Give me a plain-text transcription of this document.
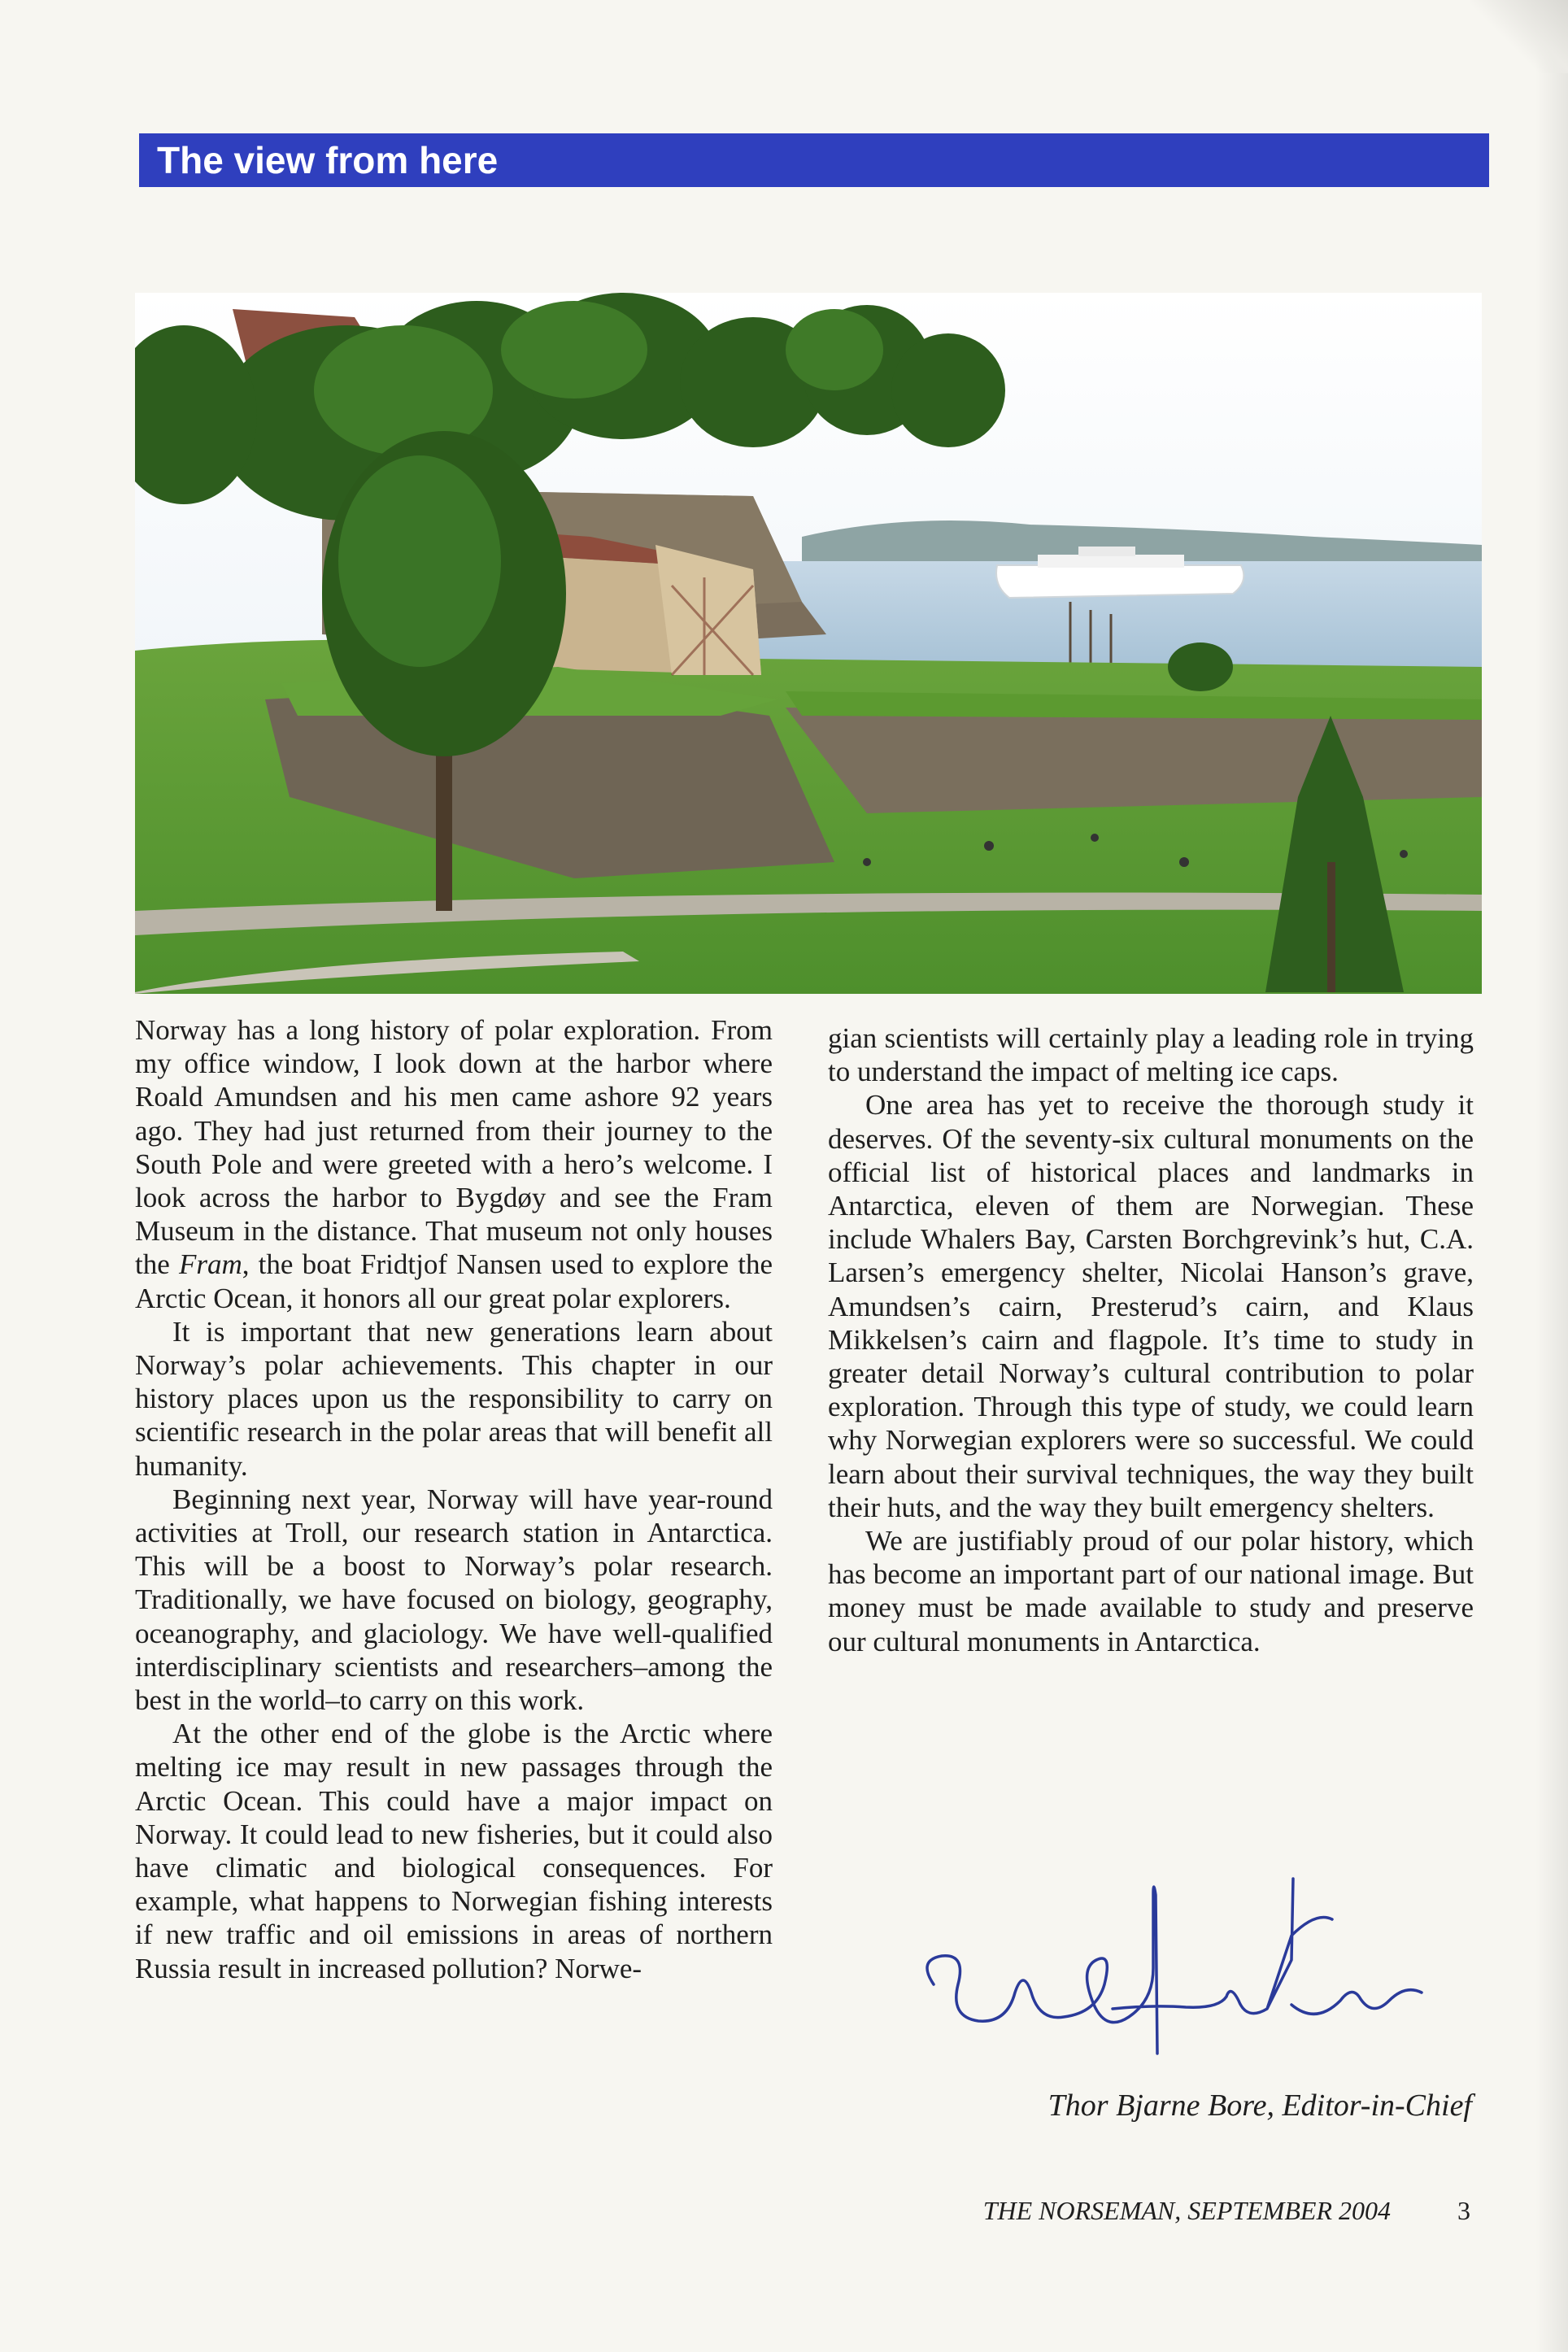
The view from here

Norway has a long history of polar exploration. From my office window, I look down at the harbor where Roald Amundsen and his men came ashore 92 years ago. They had just returned from their journey to the South Pole and were greeted with a hero’s welcome. I look across the harbor to Bygdøy and see the Fram Museum in the distance. That museum not only houses the Fram, the boat Fridtjof Nansen used to explore the Arctic Ocean, it honors all our great polar explorers.

It is important that new generations learn about Norway’s polar achievements. This chapter in our history places upon us the responsibility to carry on scientific research in the polar areas that will benefit all humanity.

Beginning next year, Norway will have year-round activities at Troll, our research station in Antarctica. This will be a boost to Norway’s polar research. Traditionally, we have focused on biology, geography, oceanography, and glaciology. We have well-qualified interdisciplinary scientists and researchers–among the best in the world–to carry on this work.

At the other end of the globe is the Arctic where melting ice may result in new passages through the Arctic Ocean. This could have a major impact on Norway. It could lead to new fisheries, but it could also have climatic and biological consequences. For example, what happens to Norwegian fishing interests if new traffic and oil emissions in areas of northern Russia result in increased pollution? Norwe-

gian scientists will certainly play a leading role in trying to understand the impact of melting ice caps.

One area has yet to receive the thorough study it deserves. Of the seventy-six cultural monuments on the official list of historical places and landmarks in Antarctica, eleven of them are Norwegian. These include Whalers Bay, Carsten Borchgrevink’s hut, C.A. Larsen’s emergency shelter, Nicolai Hanson’s grave, Amundsen’s cairn, Presterud’s cairn, and Klaus Mikkelsen’s cairn and flagpole. It’s time to study in greater detail Norway’s cultural contribution to polar exploration. Through this type of study, we could learn why Norwegian explorers were so successful. We could learn about their survival techniques, the way they built their huts, and the way they built emergency shelters.

We are justifiably proud of our polar history, which has become an important part of our national image. But money must be made available to study and preserve our cultural monuments in Antarctica.

Thor Bjarne Bore, Editor-in-Chief
THE NORSEMAN, SEPTEMBER 2004	3
